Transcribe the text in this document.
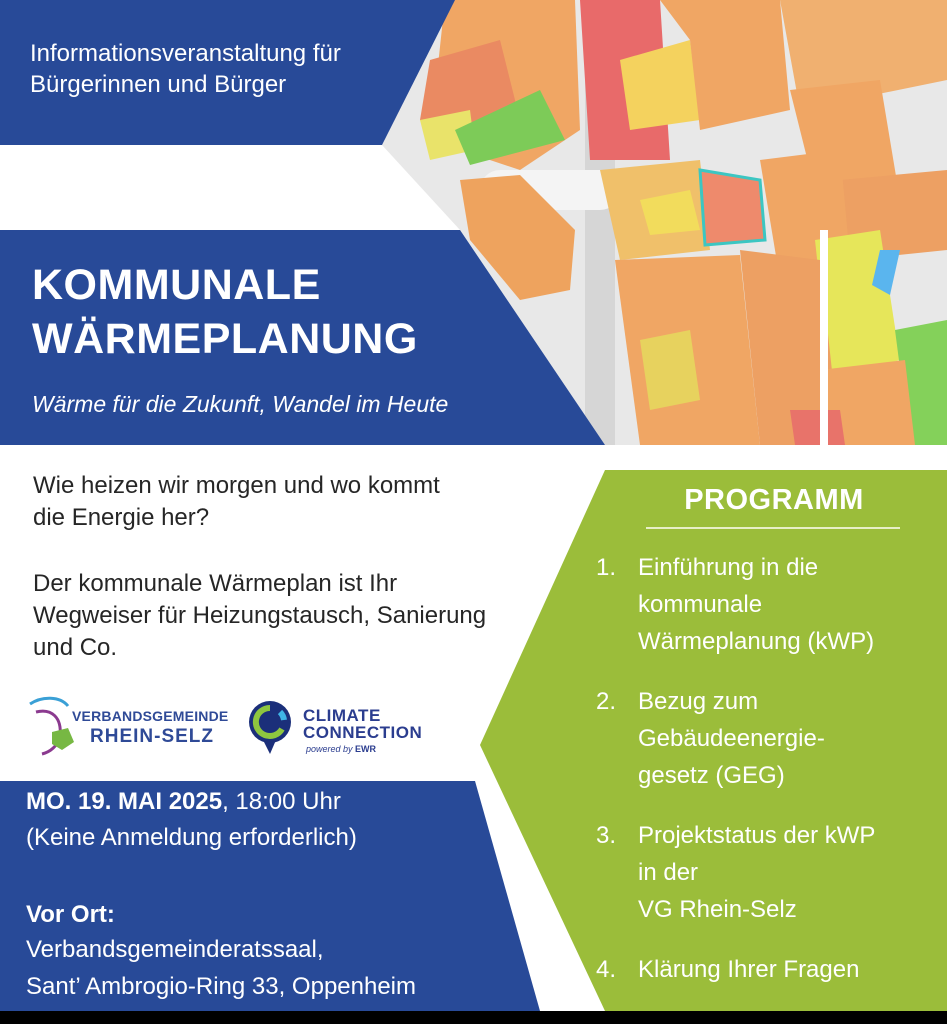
Informationsveranstaltung für Bürgerinnen und Bürger
KOMMUNALE
WÄRMEPLANUNG
Wärme für die Zukunft, Wandel im Heute
Wie heizen wir morgen und wo kommt die Energie her?
Der kommunale Wärmeplan ist Ihr Wegweiser für Heizungstausch, Sanierung und Co.
VERBANDSGEMEINDE
RHEIN-SELZ
CLIMATE
CONNECTION
powered by EWR
PROGRAMM
1. Einführung in die
kommunale
Wärmeplanung (kWP)
2. Bezug zum
Gebäudeenergie-
gesetz (GEG)
3. Projektstatus der kWP
in der
VG Rhein-Selz
4. Klärung Ihrer Fragen
MO. 19. MAI 2025, 18:00 Uhr
(Keine Anmeldung erforderlich)
Vor Ort:
Verbandsgemeinderatssaal,
Sant’ Ambrogio-Ring 33, Oppenheim
